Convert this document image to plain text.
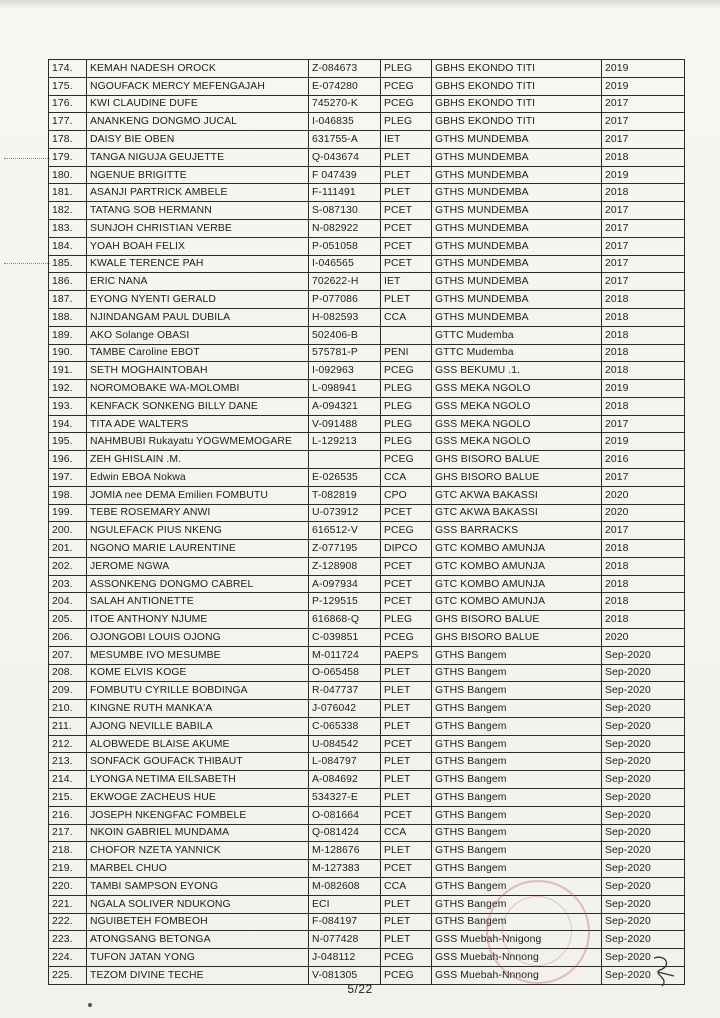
174.	KEMAH NADESH OROCK	Z-084673	PLEG	GBHS EKONDO TITI	2019
175.	NGOUFACK MERCY MEFENGAJAH	E-074280	PCEG	GBHS EKONDO TITI	2019
176.	KWI CLAUDINE DUFE	745270-K	PCEG	GBHS EKONDO TITI	2017
177.	ANANKENG DONGMO JUCAL	I-046835	PLEG	GBHS EKONDO TITI	2017
178.	DAISY BIE OBEN	631755-A	IET	GTHS MUNDEMBA	2017
179.	TANGA NIGUJA GEUJETTE	Q-043674	PLET	GTHS MUNDEMBA	2018
180.	NGENUE BRIGITTE	F 047439	PLET	GTHS MUNDEMBA	2019
181.	ASANJI PARTRICK AMBELE	F-111491	PLET	GTHS MUNDEMBA	2018
182.	TATANG SOB HERMANN	S-087130	PCET	GTHS MUNDEMBA	2017
183.	SUNJOH CHRISTIAN VERBE	N-082922	PCET	GTHS MUNDEMBA	2017
184.	YOAH BOAH FELIX	P-051058	PCET	GTHS MUNDEMBA	2017
185.	KWALE TERENCE PAH	I-046565	PCET	GTHS MUNDEMBA	2017
186.	ERIC NANA	702622-H	IET	GTHS MUNDEMBA	2017
187.	EYONG NYENTI GERALD	P-077086	PLET	GTHS MUNDEMBA	2018
188.	NJINDANGAM PAUL DUBILA	H-082593	CCA	GTHS MUNDEMBA	2018
189.	AKO Solange OBASI	502406-B		GTTC Mudemba	2018
190.	TAMBE Caroline EBOT	575781-P	PENI	GTTC Mudemba	2018
191.	SETH MOGHAINTOBAH	I-092963	PCEG	GSS BEKUMU .1.	2018
192.	NOROMOBAKE WA-MOLOMBI	L-098941	PLEG	GSS MEKA NGOLO	2019
193.	KENFACK SONKENG BILLY DANE	A-094321	PLEG	GSS MEKA NGOLO	2018
194.	TITA ADE WALTERS	V-091488	PLEG	GSS MEKA NGOLO	2017
195.	NAHMBUBI Rukayatu YOGWMEMOGARE	L-129213	PLEG	GSS MEKA NGOLO	2019
196.	ZEH GHISLAIN .M.		PCEG	GHS BISORO BALUE	2016
197.	Edwin EBOA Nokwa	E-026535	CCA	GHS BISORO BALUE	2017
198.	JOMIA nee DEMA Emilien FOMBUTU	T-082819	CPO	GTC AKWA BAKASSI	2020
199.	TEBE ROSEMARY ANWI	U-073912	PCET	GTC AKWA BAKASSI	2020
200.	NGULEFACK PIUS NKENG	616512-V	PCEG	GSS BARRACKS	2017
201.	NGONO MARIE LAURENTINE	Z-077195	DIPCO	GTC KOMBO AMUNJA	2018
202.	JEROME NGWA	Z-128908	PCET	GTC KOMBO AMUNJA	2018
203.	ASSONKENG DONGMO CABREL	A-097934	PCET	GTC KOMBO AMUNJA	2018
204.	SALAH ANTIONETTE	P-129515	PCET	GTC KOMBO AMUNJA	2018
205.	ITOE ANTHONY NJUME	616868-Q	PLEG	GHS BISORO BALUE	2018
206.	OJONGOBI LOUIS OJONG	C-039851	PCEG	GHS BISORO BALUE	2020
207.	MESUMBE IVO MESUMBE	M-011724	PAEPS	GTHS Bangem	Sep-2020
208.	KOME ELVIS KOGE	O-065458	PLET	GTHS Bangem	Sep-2020
209.	FOMBUTU CYRILLE BOBDINGA	R-047737	PLET	GTHS Bangem	Sep-2020
210.	KINGNE RUTH MANKA'A	J-076042	PLET	GTHS Bangem	Sep-2020
211.	AJONG NEVILLE BABILA	C-065338	PLET	GTHS Bangem	Sep-2020
212.	ALOBWEDE BLAISE AKUME	U-084542	PCET	GTHS Bangem	Sep-2020
213.	SONFACK GOUFACK THIBAUT	L-084797	PLET	GTHS Bangem	Sep-2020
214.	LYONGA NETIMA EILSABETH	A-084692	PLET	GTHS Bangem	Sep-2020
215.	EKWOGE ZACHEUS HUE	534327-E	PLET	GTHS Bangem	Sep-2020
216.	JOSEPH NKENGFAC FOMBELE	O-081664	PCET	GTHS Bangem	Sep-2020
217.	NKOIN GABRIEL MUNDAMA	Q-081424	CCA	GTHS Bangem	Sep-2020
218.	CHOFOR NZETA YANNICK	M-128676	PLET	GTHS Bangem	Sep-2020
219.	MARBEL CHUO	M-127383	PCET	GTHS Bangem	Sep-2020
220.	TAMBI SAMPSON EYONG	M-082608	CCA	GTHS Bangem	Sep-2020
221.	NGALA SOLIVER NDUKONG	ECI	PLET	GTHS Bangem	Sep-2020
222.	NGUIBETEH FOMBEOH	F-084197	PLET	GTHS Bangem	Sep-2020
223.	ATONGSANG BETONGA	N-077428	PLET	GSS Muebah-Nnigong	Sep-2020
224.	TUFON JATAN YONG	J-048112	PCEG	GSS Muebah-Nnnong	Sep-2020
225.	TEZOM DIVINE TECHE	V-081305	PCEG	GSS Muebah-Nnnong	Sep-2020
5/22
